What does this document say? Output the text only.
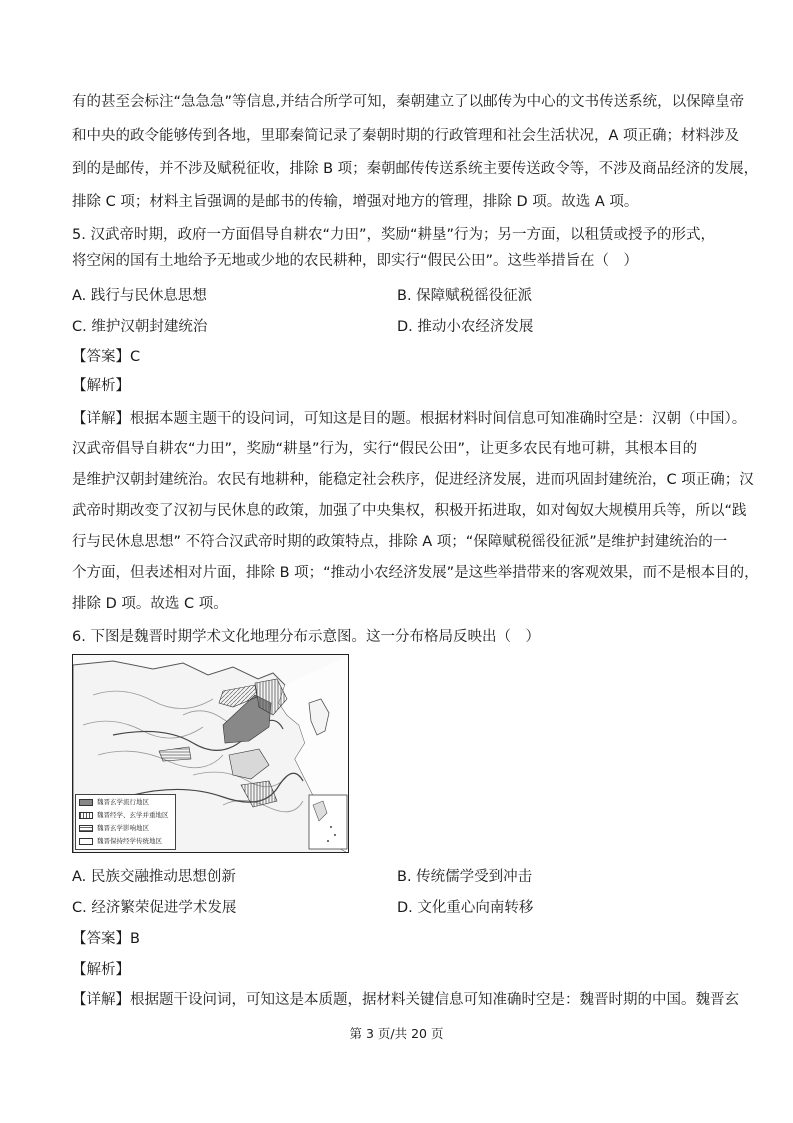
有的甚至会标注“急急急”等信息,并结合所学可知，秦朝建立了以邮传为中心的文书传送系统，以保障皇帝
和中央的政令能够传到各地，里耶秦简记录了秦朝时期的行政管理和社会生活状况，A 项正确；材料涉及
到的是邮传，并不涉及赋税征收，排除 B 项；秦朝邮传传送系统主要传送政令等，不涉及商品经济的发展，
排除 C 项；材料主旨强调的是邮书的传输，增强对地方的管理，排除 D 项。故选 A 项。
5. 汉武帝时期，政府一方面倡导自耕农“力田”，奖励“耕垦”行为；另一方面，以租赁或授予的形式，
将空闲的国有土地给予无地或少地的农民耕种，即实行“假民公田”。这些举措旨在（　）
A. 践行与民休息思想	B. 保障赋税徭役征派
C. 维护汉朝封建统治	D. 推动小农经济发展
【答案】C
【解析】
【详解】根据本题主题干的设问词，可知这是目的题。根据材料时间信息可知准确时空是：汉朝（中国）。
汉武帝倡导自耕农“力田”，奖励“耕垦”行为，实行“假民公田”，让更多农民有地可耕，其根本目的
是维护汉朝封建统治。农民有地耕种，能稳定社会秩序，促进经济发展，进而巩固封建统治，C 项正确；汉
武帝时期改变了汉初与民休息的政策，加强了中央集权，积极开拓进取，如对匈奴大规模用兵等，所以“践
行与民休息思想” 不符合汉武帝时期的政策特点，排除 A 项；“保障赋税徭役征派”是维护封建统治的一
个方面，但表述相对片面，排除 B 项；“推动小农经济发展”是这些举措带来的客观效果，而不是根本目的，
排除 D 项。故选 C 项。
6. 下图是魏晋时期学术文化地理分布示意图。这一分布格局反映出（　）
魏晋玄学流行地区
魏晋经学、玄学并重地区
魏晋玄学影响地区
魏晋保持经学传统地区
A. 民族交融推动思想创新	B. 传统儒学受到冲击
C. 经济繁荣促进学术发展	D. 文化重心向南转移
【答案】B
【解析】
【详解】根据题干设问词，可知这是本质题，据材料关键信息可知准确时空是：魏晋时期的中国。魏晋玄
第 3 页/共 20 页
